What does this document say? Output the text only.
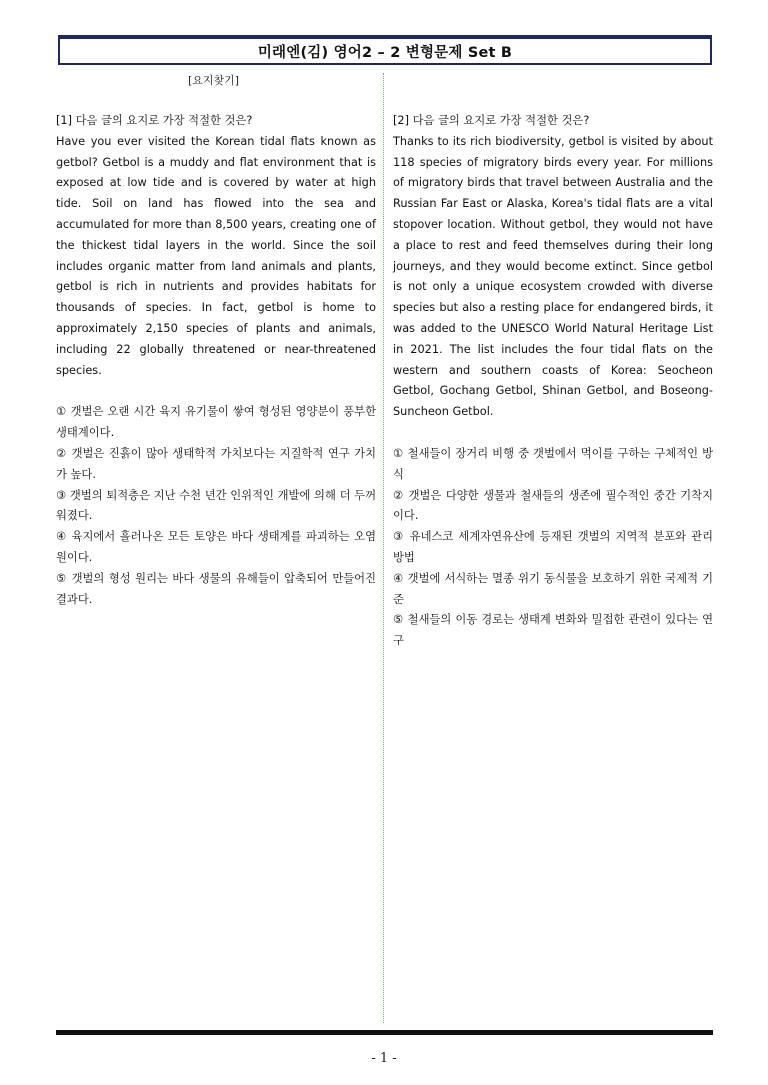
미래엔(김) 영어2 – 2 변형문제 Set B
[요지찾기]

[1] 다음 글의 요지로 가장 적절한 것은?

Have you ever visited the Korean tidal flats known as getbol? Getbol is a muddy and flat environment that is exposed at low tide and is covered by water at high tide. Soil on land has flowed into the sea and accumulated for more than 8,500 years, creating one of the thickest tidal layers in the world. Since the soil includes organic matter from land animals and plants, getbol is rich in nutrients and provides habitats for thousands of species. In fact, getbol is home to approximately 2,150 species of plants and animals, including 22 globally threatened or near-threatened species.

① 갯벌은 오랜 시간 육지 유기물이 쌓여 형성된 영양분이 풍부한 생태계이다.

② 갯벌은 진흙이 많아 생태학적 가치보다는 지질학적 연구 가치가 높다.

③ 갯벌의 퇴적층은 지난 수천 년간 인위적인 개발에 의해 더 두꺼워졌다.

④ 육지에서 흘러나온 모든 토양은 바다 생태계를 파괴하는 오염원이다.

⑤ 갯벌의 형성 원리는 바다 생물의 유해들이 압축되어 만들어진 결과다.

[2] 다음 글의 요지로 가장 적절한 것은?

Thanks to its rich biodiversity, getbol is visited by about 118 species of migratory birds every year. For millions of migratory birds that travel between Australia and the Russian Far East or Alaska, Korea's tidal flats are a vital stopover location. Without getbol, they would not have a place to rest and feed themselves during their long journeys, and they would become extinct. Since getbol is not only a unique ecosystem crowded with diverse species but also a resting place for endangered birds, it was added to the UNESCO World Natural Heritage List in 2021. The list includes the four tidal flats on the western and southern coasts of Korea: Seocheon Getbol, Gochang Getbol, Shinan Getbol, and Boseong-Suncheon Getbol.

① 철새들이 장거리 비행 중 갯벌에서 먹이를 구하는 구체적인 방식

② 갯벌은 다양한 생물과 철새들의 생존에 필수적인 중간 기착지이다.

③ 유네스코 세계자연유산에 등재된 갯벌의 지역적 분포와 관리 방법

④ 갯벌에 서식하는 멸종 위기 동식물을 보호하기 위한 국제적 기준

⑤ 철새들의 이동 경로는 생태계 변화와 밀접한 관련이 있다는 연구

- 1 -
